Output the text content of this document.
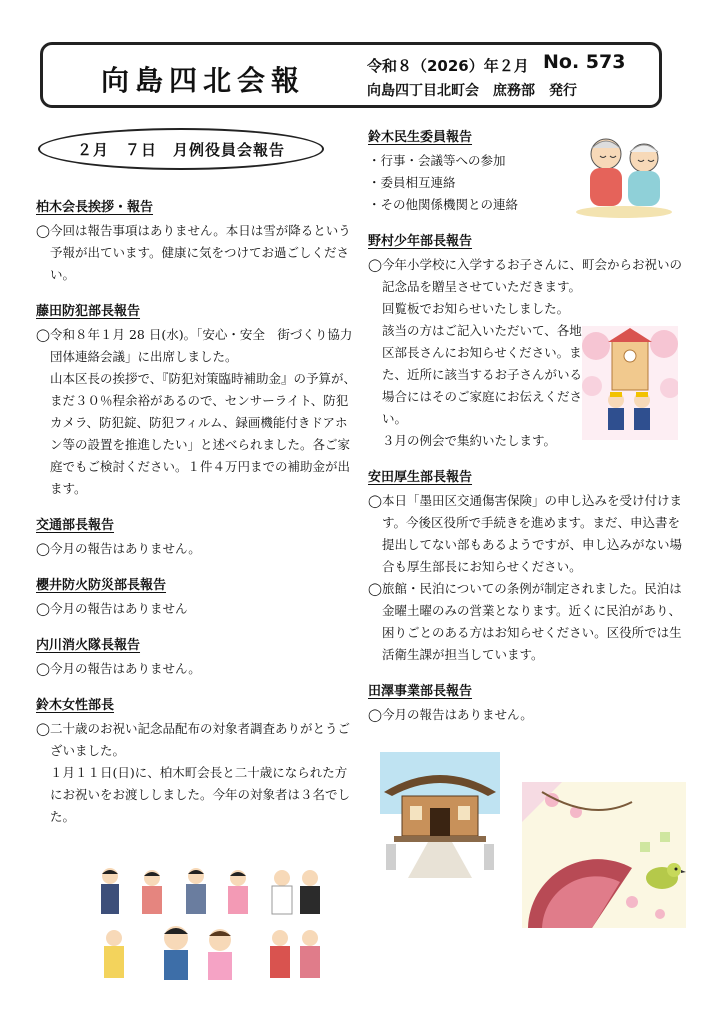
向島四北会報	令和８（2026）年２月 No. 573
向島四丁目北町会　庶務部　発行
２月　７日　月例役員会報告
柏木会長挨拶・報告
◯今回は報告事項はありません。本日は雪が降るという予報が出ています。健康に気をつけてお過ごしください。
藤田防犯部長報告
◯令和８年１月 28 日(水)。「安心・安全　街づくり協力団体連絡会議」に出席しました。
山本区長の挨拶で、『防犯対策臨時補助金』の予算が、まだ３０％程余裕があるので、センサーライト、防犯カメラ、防犯錠、防犯フィルム、録画機能付きドアホン等の設置を推進したい」と述べられました。各ご家庭でもご検討ください。１件４万円までの補助金が出ます。
交通部長報告
◯今月の報告はありません。
櫻井防火防災部長報告
◯今月の報告はありません
内川消火隊長報告
◯今月の報告はありません。
鈴木女性部長
◯二十歳のお祝い記念品配布の対象者調査ありがとうございました。
１月１１日(日)に、柏木町会長と二十歳になられた方にお祝いをお渡ししました。今年の対象者は３名でした。
鈴木民生委員報告
・行事・会議等への参加
・委員相互連絡
・その他関係機関との連絡
野村少年部長報告
◯今年小学校に入学するお子さんに、町会からお祝いの記念品を贈呈させていただきます。
回覧板でお知らせいたしました。
該当の方はご記入いただいて、各地区部長さんにお知らせください。また、近所に該当するお子さんがいる場合にはそのご家庭にお伝えください。
３月の例会で集約いたします。
安田厚生部長報告
◯本日「墨田区交通傷害保険」の申し込みを受け付けます。今後区役所で手続きを進めます。まだ、申込書を提出してない部もあるようですが、申し込みがない場合も厚生部長にお知らせください。
◯旅館・民泊についての条例が制定されました。民泊は金曜土曜のみの営業となります。近くに民泊があり、困りごとのある方はお知らせください。区役所では生活衛生課が担当しています。
田澤事業部長報告
◯今月の報告はありません。
